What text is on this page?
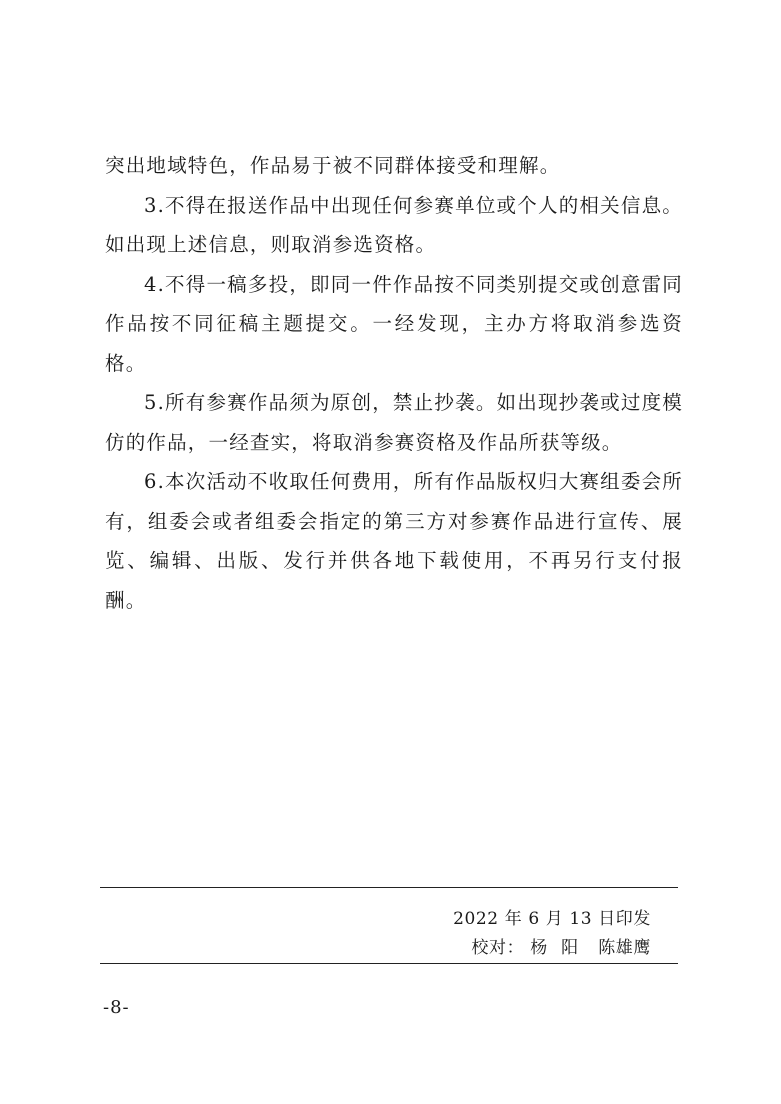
突出地域特色，作品易于被不同群体接受和理解。

3.不得在报送作品中出现任何参赛单位或个人的相关信息。如出现上述信息，则取消参选资格。

4.不得一稿多投，即同一件作品按不同类别提交或创意雷同作品按不同征稿主题提交。一经发现，主办方将取消参选资格。

5.所有参赛作品须为原创，禁止抄袭。如出现抄袭或过度模仿的作品，一经查实，将取消参赛资格及作品所获等级。

6.本次活动不收取任何费用，所有作品版权归大赛组委会所有，组委会或者组委会指定的第三方对参赛作品进行宣传、展览、编辑、出版、发行并供各地下载使用，不再另行支付报酬。

2022 年 6 月 13 日印发
校对： 杨阳 陈雄鹰
-8-
